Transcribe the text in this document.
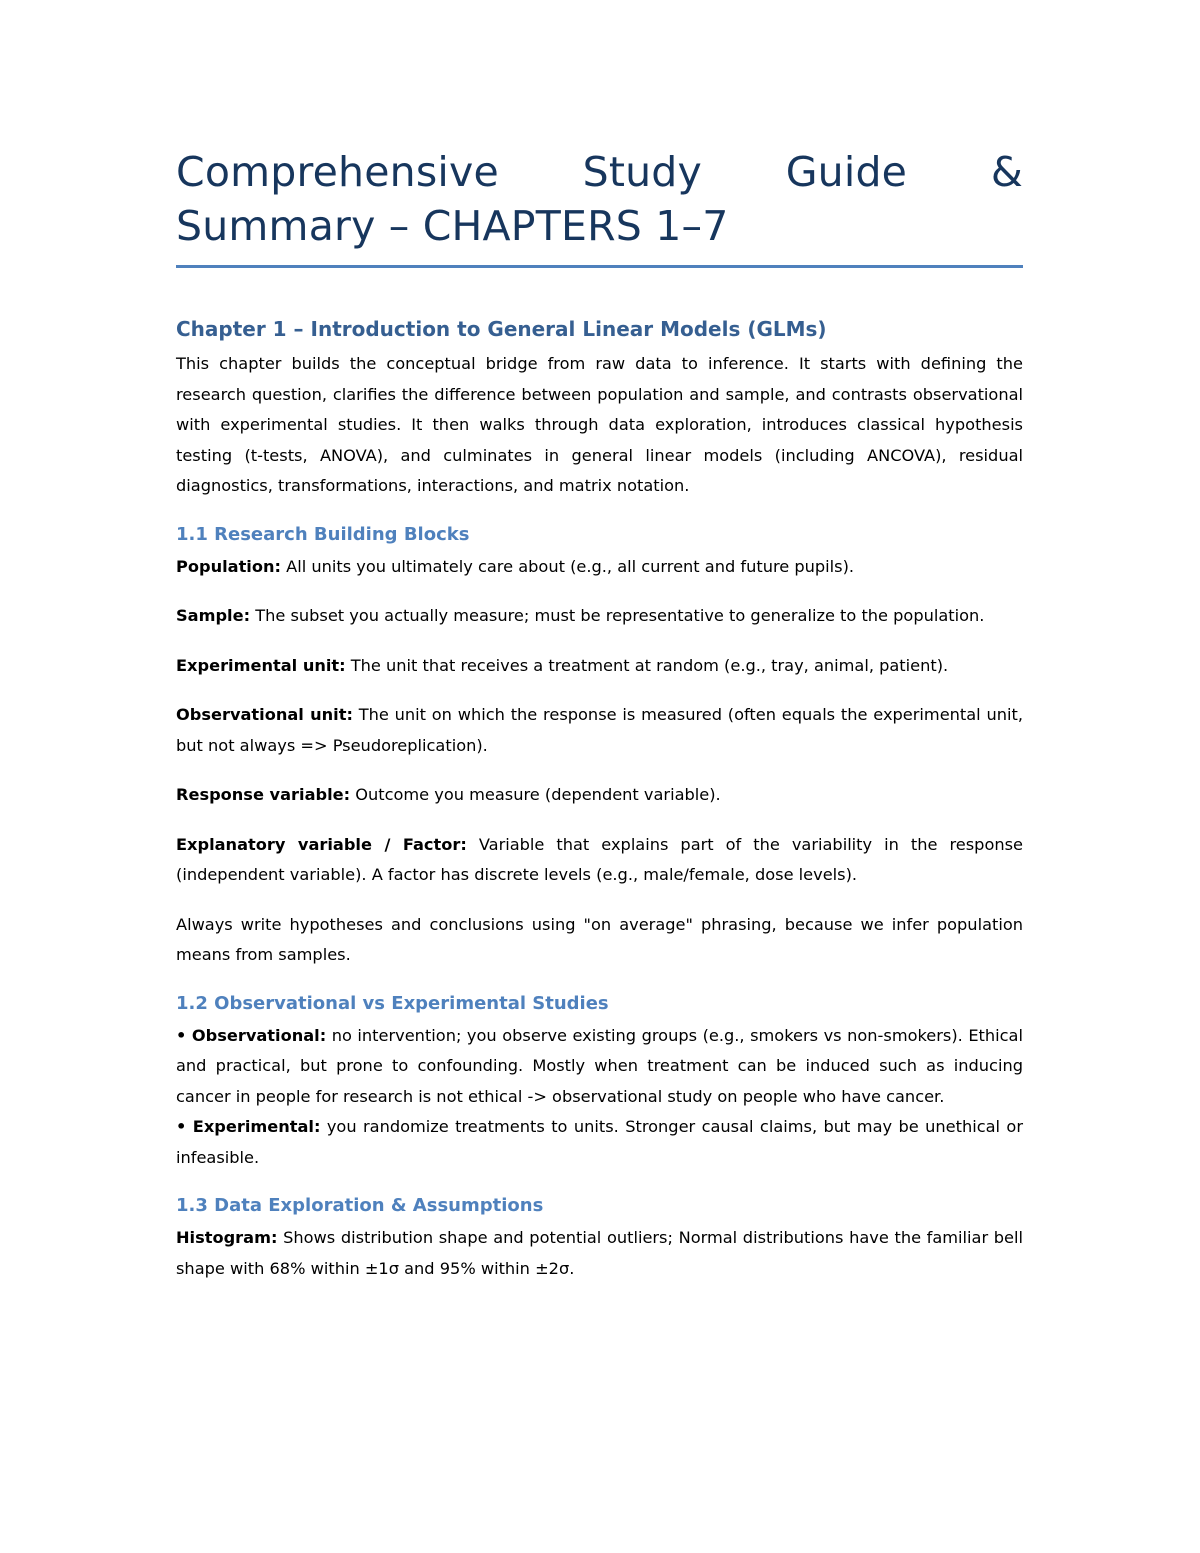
Comprehensive Study Guide &
Summary – CHAPTERS 1–7
Chapter 1 – Introduction to General Linear Models (GLMs)

This chapter builds the conceptual bridge from raw data to inference. It starts with defining the research question, clarifies the difference between population and sample, and contrasts observational with experimental studies. It then walks through data exploration, introduces classical hypothesis testing (t-tests, ANOVA), and culminates in general linear models (including ANCOVA), residual diagnostics, transformations, interactions, and matrix notation.

1.1 Research Building Blocks

Population: All units you ultimately care about (e.g., all current and future pupils).

Sample: The subset you actually measure; must be representative to generalize to the population.

Experimental unit: The unit that receives a treatment at random (e.g., tray, animal, patient).

Observational unit: The unit on which the response is measured (often equals the experimental unit, but not always => Pseudoreplication).

Response variable: Outcome you measure (dependent variable).

Explanatory variable / Factor: Variable that explains part of the variability in the response (independent variable). A factor has discrete levels (e.g., male/female, dose levels).

Always write hypotheses and conclusions using "on average" phrasing, because we infer population means from samples.

1.2 Observational vs Experimental Studies

• Observational: no intervention; you observe existing groups (e.g., smokers vs non-smokers). Ethical and practical, but prone to confounding. Mostly when treatment can be induced such as inducing cancer in people for research is not ethical -> observational study on people who have cancer.

• Experimental: you randomize treatments to units. Stronger causal claims, but may be unethical or infeasible.

1.3 Data Exploration & Assumptions

Histogram: Shows distribution shape and potential outliers; Normal distributions have the familiar bell shape with 68% within ±1σ and 95% within ±2σ.
